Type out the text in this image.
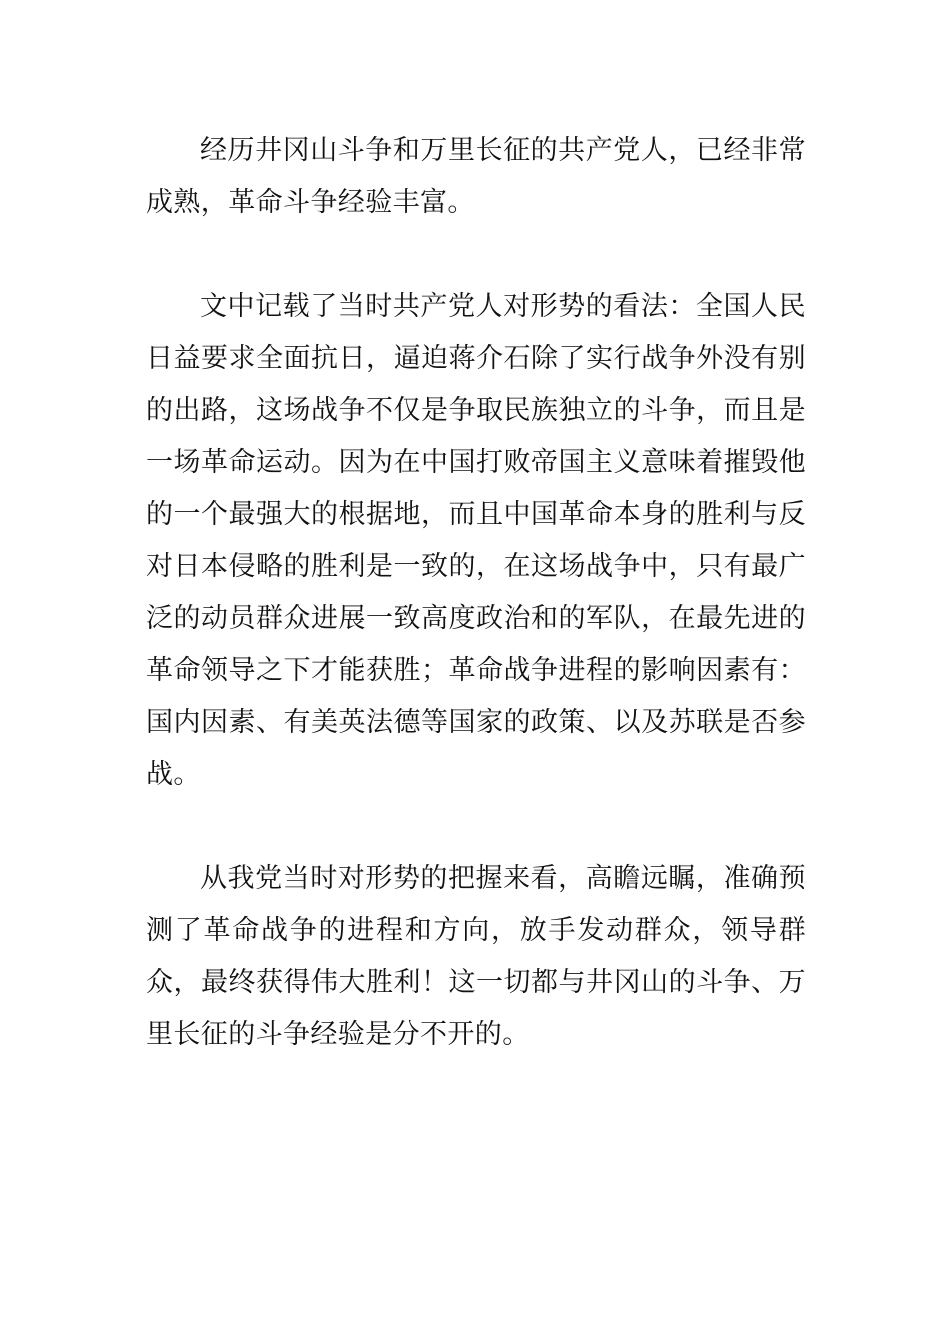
经历井冈山斗争和万里长征的共产党人，已经非常成熟，革命斗争经验丰富。

文中记载了当时共产党人对形势的看法：全国人民日益要求全面抗日，逼迫蒋介石除了实行战争外没有别的出路，这场战争不仅是争取民族独立的斗争，而且是一场革命运动。因为在中国打败帝国主义意味着摧毁他的一个最强大的根据地，而且中国革命本身的胜利与反对日本侵略的胜利是一致的，在这场战争中，只有最广泛的动员群众进展一致高度政治和的军队，在最先进的革命领导之下才能获胜；革命战争进程的影响因素有：国内因素、有美英法德等国家的政策、以及苏联是否参战。

从我党当时对形势的把握来看，高瞻远瞩，准确预测了革命战争的进程和方向，放手发动群众，领导群众，最终获得伟大胜利！这一切都与井冈山的斗争、万里长征的斗争经验是分不开的。
